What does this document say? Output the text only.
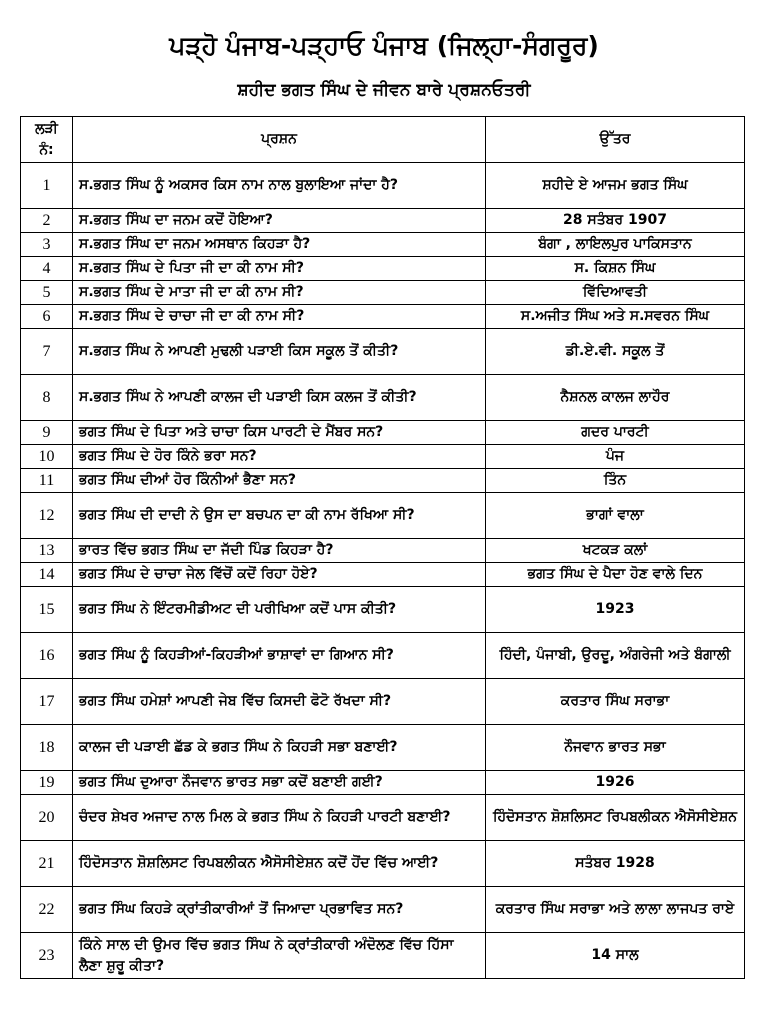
ਪੜ੍ਹੋ ਪੰਜਾਬ-ਪੜ੍ਹਾਓ ਪੰਜਾਬ (ਜਿਲ੍ਹਾ-ਸੰਗਰੂਰ)
ਸ਼ਹੀਦ ਭਗਤ ਸਿੰਘ ਦੇ ਜੀਵਨ ਬਾਰੇ ਪ੍ਰਸ਼ਨਓਤਰੀ
ਲੜੀ ਨੰ:	ਪ੍ਰਸ਼ਨ	ਉੱਤਰ
1	ਸ.ਭਗਤ ਸਿੰਘ ਨੂੰ ਅਕਸਰ ਕਿਸ ਨਾਮ ਨਾਲ ਬੁਲਾਇਆ ਜਾਂਦਾ ਹੈ?	ਸ਼ਹੀਦੇ ਏ ਆਜਮ ਭਗਤ ਸਿੰਘ
2	ਸ.ਭਗਤ ਸਿੰਘ ਦਾ ਜਨਮ ਕਦੋਂ ਹੋਇਆ?	28 ਸਤੰਬਰ 1907
3	ਸ.ਭਗਤ ਸਿੰਘ ਦਾ ਜਨਮ ਅਸਥਾਨ ਕਿਹੜਾ ਹੈ?	ਬੰਗਾ , ਲਾਇਲਪੁਰ ਪਾਕਿਸਤਾਨ
4	ਸ.ਭਗਤ ਸਿੰਘ ਦੇ ਪਿਤਾ ਜੀ ਦਾ ਕੀ ਨਾਮ ਸੀ?	ਸ. ਕਿਸ਼ਨ ਸਿੰਘ
5	ਸ.ਭਗਤ ਸਿੰਘ ਦੇ ਮਾਤਾ ਜੀ ਦਾ ਕੀ ਨਾਮ ਸੀ?	ਵਿੱਦਿਆਵਤੀ
6	ਸ.ਭਗਤ ਸਿੰਘ ਦੇ ਚਾਚਾ ਜੀ ਦਾ ਕੀ ਨਾਮ ਸੀ?	ਸ.ਅਜੀਤ ਸਿੰਘ ਅਤੇ ਸ.ਸਵਰਨ ਸਿੰਘ
7	ਸ.ਭਗਤ ਸਿੰਘ ਨੇ ਆਪਣੀ ਮੁਢਲੀ ਪੜਾਈ ਕਿਸ ਸਕੂਲ ਤੋਂ ਕੀਤੀ?	ਡੀ.ਏ.ਵੀ. ਸਕੂਲ ਤੋਂ
8	ਸ.ਭਗਤ ਸਿੰਘ ਨੇ ਆਪਣੀ ਕਾਲਜ ਦੀ ਪੜਾਈ ਕਿਸ ਕਲਜ ਤੋਂ ਕੀਤੀ?	ਨੈਸ਼ਨਲ ਕਾਲਜ ਲਾਹੌਰ
9	ਭਗਤ ਸਿੰਘ ਦੇ ਪਿਤਾ ਅਤੇ ਚਾਚਾ ਕਿਸ ਪਾਰਟੀ ਦੇ ਮੈਂਬਰ ਸਨ?	ਗਦਰ ਪਾਰਟੀ
10	ਭਗਤ ਸਿੰਘ ਦੇ ਹੋਰ ਕਿੰਨੇ ਭਰਾ ਸਨ?	ਪੰਜ
11	ਭਗਤ ਸਿੰਘ ਦੀਆਂ ਹੋਰ ਕਿੰਨੀਆਂ ਭੈਣਾ ਸਨ?	ਤਿੰਨ
12	ਭਗਤ ਸਿੰਘ ਦੀ ਦਾਦੀ ਨੇ ਉਸ ਦਾ ਬਚਪਨ ਦਾ ਕੀ ਨਾਮ ਰੱਖਿਆ ਸੀ?	ਭਾਗਾਂ ਵਾਲਾ
13	ਭਾਰਤ ਵਿੱਚ ਭਗਤ ਸਿੰਘ ਦਾ ਜੱਦੀ ਪਿੰਡ ਕਿਹੜਾ ਹੈ?	ਖਟਕੜ ਕਲਾਂ
14	ਭਗਤ ਸਿੰਘ ਦੇ ਚਾਚਾ ਜੇਲ ਵਿੱਚੋਂ ਕਦੋਂ ਰਿਹਾ ਹੋਏ?	ਭਗਤ ਸਿੰਘ ਦੇ ਪੈਦਾ ਹੋਣ ਵਾਲੇ ਦਿਨ
15	ਭਗਤ ਸਿੰਘ ਨੇ ਇੰਟਰਮੀਡੀਅਟ ਦੀ ਪਰੀਖਿਆ ਕਦੋਂ ਪਾਸ ਕੀਤੀ?	1923
16	ਭਗਤ ਸਿੰਘ ਨੂੰ ਕਿਹੜੀਆਂ-ਕਿਹੜੀਆਂ ਭਾਸ਼ਾਵਾਂ ਦਾ ਗਿਆਨ ਸੀ?	ਹਿੰਦੀ, ਪੰਜਾਬੀ, ਉਰਦੂ, ਅੰਗਰੇਜੀ ਅਤੇ ਬੰਗਾਲੀ
17	ਭਗਤ ਸਿੰਘ ਹਮੇਸ਼ਾਂ ਆਪਣੀ ਜੇਬ ਵਿੱਚ ਕਿਸਦੀ ਫੋਟੋ ਰੱਖਦਾ ਸੀ?	ਕਰਤਾਰ ਸਿੰਘ ਸਰਾਭਾ
18	ਕਾਲਜ ਦੀ ਪੜਾਈ ਛੱਡ ਕੇ ਭਗਤ ਸਿੰਘ ਨੇ ਕਿਹੜੀ ਸਭਾ ਬਣਾਈ?	ਨੌਜਵਾਨ ਭਾਰਤ ਸਭਾ
19	ਭਗਤ ਸਿੰਘ ਦੁਆਰਾ ਨੌਜਵਾਨ ਭਾਰਤ ਸਭਾ ਕਦੋਂ ਬਣਾਈ ਗਈ?	1926
20	ਚੰਦਰ ਸ਼ੇਖਰ ਅਜਾਦ ਨਾਲ ਮਿਲ ਕੇ ਭਗਤ ਸਿੰਘ ਨੇ ਕਿਹੜੀ ਪਾਰਟੀ ਬਣਾਈ?	ਹਿੰਦੋਸਤਾਨ ਸ਼ੋਸ਼ਲਿਸਟ ਰਿਪਬਲੀਕਨ ਐਸੋਸੀਏਸ਼ਨ
21	ਹਿੰਦੋਸਤਾਨ ਸ਼ੋਸ਼ਲਿਸਟ ਰਿਪਬਲੀਕਨ ਐਸੋਸੀਏਸ਼ਨ ਕਦੋਂ ਹੋਂਦ ਵਿੱਚ ਆਈ?	ਸਤੰਬਰ 1928
22	ਭਗਤ ਸਿੰਘ ਕਿਹੜੇ ਕ੍ਰਾਂਤੀਕਾਰੀਆਂ ਤੋਂ ਜਿਆਦਾ ਪ੍ਰਭਾਵਿਤ ਸਨ?	ਕਰਤਾਰ ਸਿੰਘ ਸਰਾਭਾ ਅਤੇ ਲਾਲਾ ਲਾਜਪਤ ਰਾਏ
23	ਕਿੰਨੇ ਸਾਲ ਦੀ ਉਮਰ ਵਿੱਚ ਭਗਤ ਸਿੰਘ ਨੇ ਕ੍ਰਾਂਤੀਕਾਰੀ ਅੰਦੋਲਣ ਵਿੱਚ ਹਿੱਸਾ ਲੈਣਾ ਸ਼ੁਰੂ ਕੀਤਾ?	14 ਸਾਲ
